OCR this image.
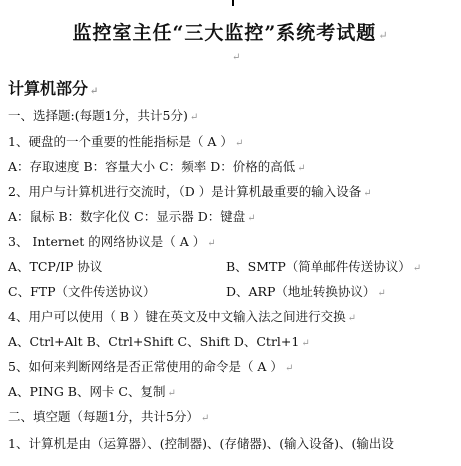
监控室主任“三大监控”系统考试题 ↵
↵
计算机部分 ↵
一、选择题:(每题1分，共计5分) ↵
1、硬盘的一个重要的性能指标是（ A ） ↵
A：存取速度 B：容量大小 C：频率 D：价格的高低 ↵
2、用户与计算机进行交流时，（D ）是计算机最重要的输入设备 ↵
A：鼠标 B：数字化仪 C：显示器 D：键盘 ↵
3、 Internet 的网络协议是（ A ） ↵
A、TCP/IP 协议	B、SMTP（简单邮件传送协议） ↵
C、FTP（文件传送协议）	D、ARP（地址转换协议） ↵
4、用户可以使用（ B ）键在英文及中文输入法之间进行交换 ↵
A、Ctrl+Alt B、Ctrl+Shift C、Shift D、Ctrl+1 ↵
5、如何来判断网络是否正常使用的命令是（ A ） ↵
A、PING B、网卡 C、复制 ↵
二、填空题（每题1分，共计5分） ↵
1、计算机是由（运算器）、(控制器)、(存储器)、(输入设备)、(输出设
